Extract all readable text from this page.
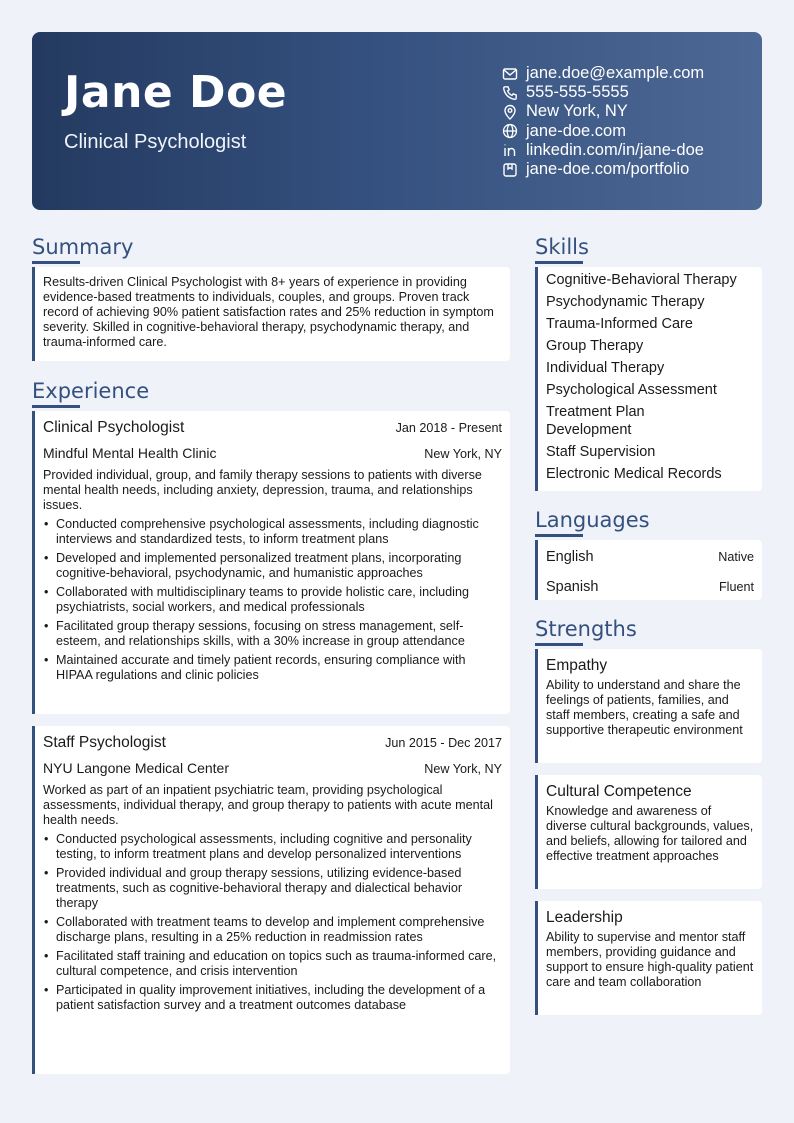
Jane Doe
Clinical Psychologist
jane.doe@example.com
555-555-5555
New York, NY
jane-doe.com
linkedin.com/in/jane-doe
jane-doe.com/portfolio
Summary
Results-driven Clinical Psychologist with 8+ years of experience in providing evidence-based treatments to individuals, couples, and groups. Proven track record of achieving 90% patient satisfaction rates and 25% reduction in symptom severity. Skilled in cognitive-behavioral therapy, psychodynamic therapy, and trauma-informed care.
Experience
Clinical Psychologist	Jan 2018 - Present
Mindful Mental Health Clinic	New York, NY
Provided individual, group, and family therapy sessions to patients with diverse mental health needs, including anxiety, depression, trauma, and relationships issues.
• Conducted comprehensive psychological assessments, including diagnostic interviews and standardized tests, to inform treatment plans
• Developed and implemented personalized treatment plans, incorporating cognitive-behavioral, psychodynamic, and humanistic approaches
• Collaborated with multidisciplinary teams to provide holistic care, including psychiatrists, social workers, and medical professionals
• Facilitated group therapy sessions, focusing on stress management, self-esteem, and relationships skills, with a 30% increase in group attendance
• Maintained accurate and timely patient records, ensuring compliance with HIPAA regulations and clinic policies
Staff Psychologist	Jun 2015 - Dec 2017
NYU Langone Medical Center	New York, NY
Worked as part of an inpatient psychiatric team, providing psychological assessments, individual therapy, and group therapy to patients with acute mental health needs.
• Conducted psychological assessments, including cognitive and personality testing, to inform treatment plans and develop personalized interventions
• Provided individual and group therapy sessions, utilizing evidence-based treatments, such as cognitive-behavioral therapy and dialectical behavior therapy
• Collaborated with treatment teams to develop and implement comprehensive discharge plans, resulting in a 25% reduction in readmission rates
• Facilitated staff training and education on topics such as trauma-informed care, cultural competence, and crisis intervention
• Participated in quality improvement initiatives, including the development of a patient satisfaction survey and a treatment outcomes database
Skills
Cognitive-Behavioral Therapy
Psychodynamic Therapy
Trauma-Informed Care
Group Therapy
Individual Therapy
Psychological Assessment
Treatment Plan Development
Staff Supervision
Electronic Medical Records
Languages
English	Native
Spanish	Fluent
Strengths
Empathy
Ability to understand and share the feelings of patients, families, and staff members, creating a safe and supportive therapeutic environment
Cultural Competence
Knowledge and awareness of diverse cultural backgrounds, values, and beliefs, allowing for tailored and effective treatment approaches
Leadership
Ability to supervise and mentor staff members, providing guidance and support to ensure high-quality patient care and team collaboration
